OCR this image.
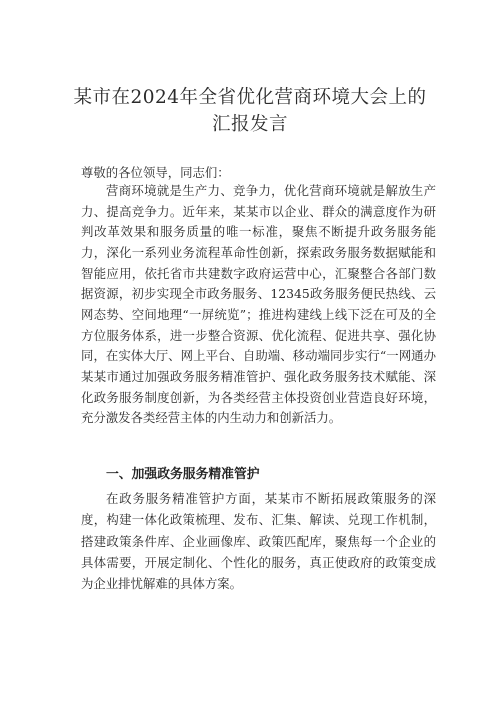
某市在2024年全省优化营商环境大会上的
汇报发言

尊敬的各位领导，同志们：

营商环境就是生产力、竞争力，优化营商环境就是解放生产力、提高竞争力。近年来，某某市以企业、群众的满意度作为研判改革效果和服务质量的唯一标准，聚焦不断提升政务服务能力，深化一系列业务流程革命性创新，探索政务服务数据赋能和智能应用，依托省市共建数字政府运营中心，汇聚整合各部门数据资源，初步实现全市政务服务、12345政务服务便民热线、云网态势、空间地理“一屏统览”；推进构建线上线下泛在可及的全方位服务体系，进一步整合资源、优化流程、促进共享、强化协同，在实体大厅、网上平台、自助端、移动端同步实行“一网通办某某市通过加强政务服务精准管护、强化政务服务技术赋能、深化政务服务制度创新，为各类经营主体投资创业营造良好环境，充分激发各类经营主体的内生动力和创新活力。

一、加强政务服务精准管护

在政务服务精准管护方面，某某市不断拓展政策服务的深度，构建一体化政策梳理、发布、汇集、解读、兑现工作机制，搭建政策条件库、企业画像库、政策匹配库，聚焦每一个企业的具体需要，开展定制化、个性化的服务，真正使政府的政策变成为企业排忧解难的具体方案。
